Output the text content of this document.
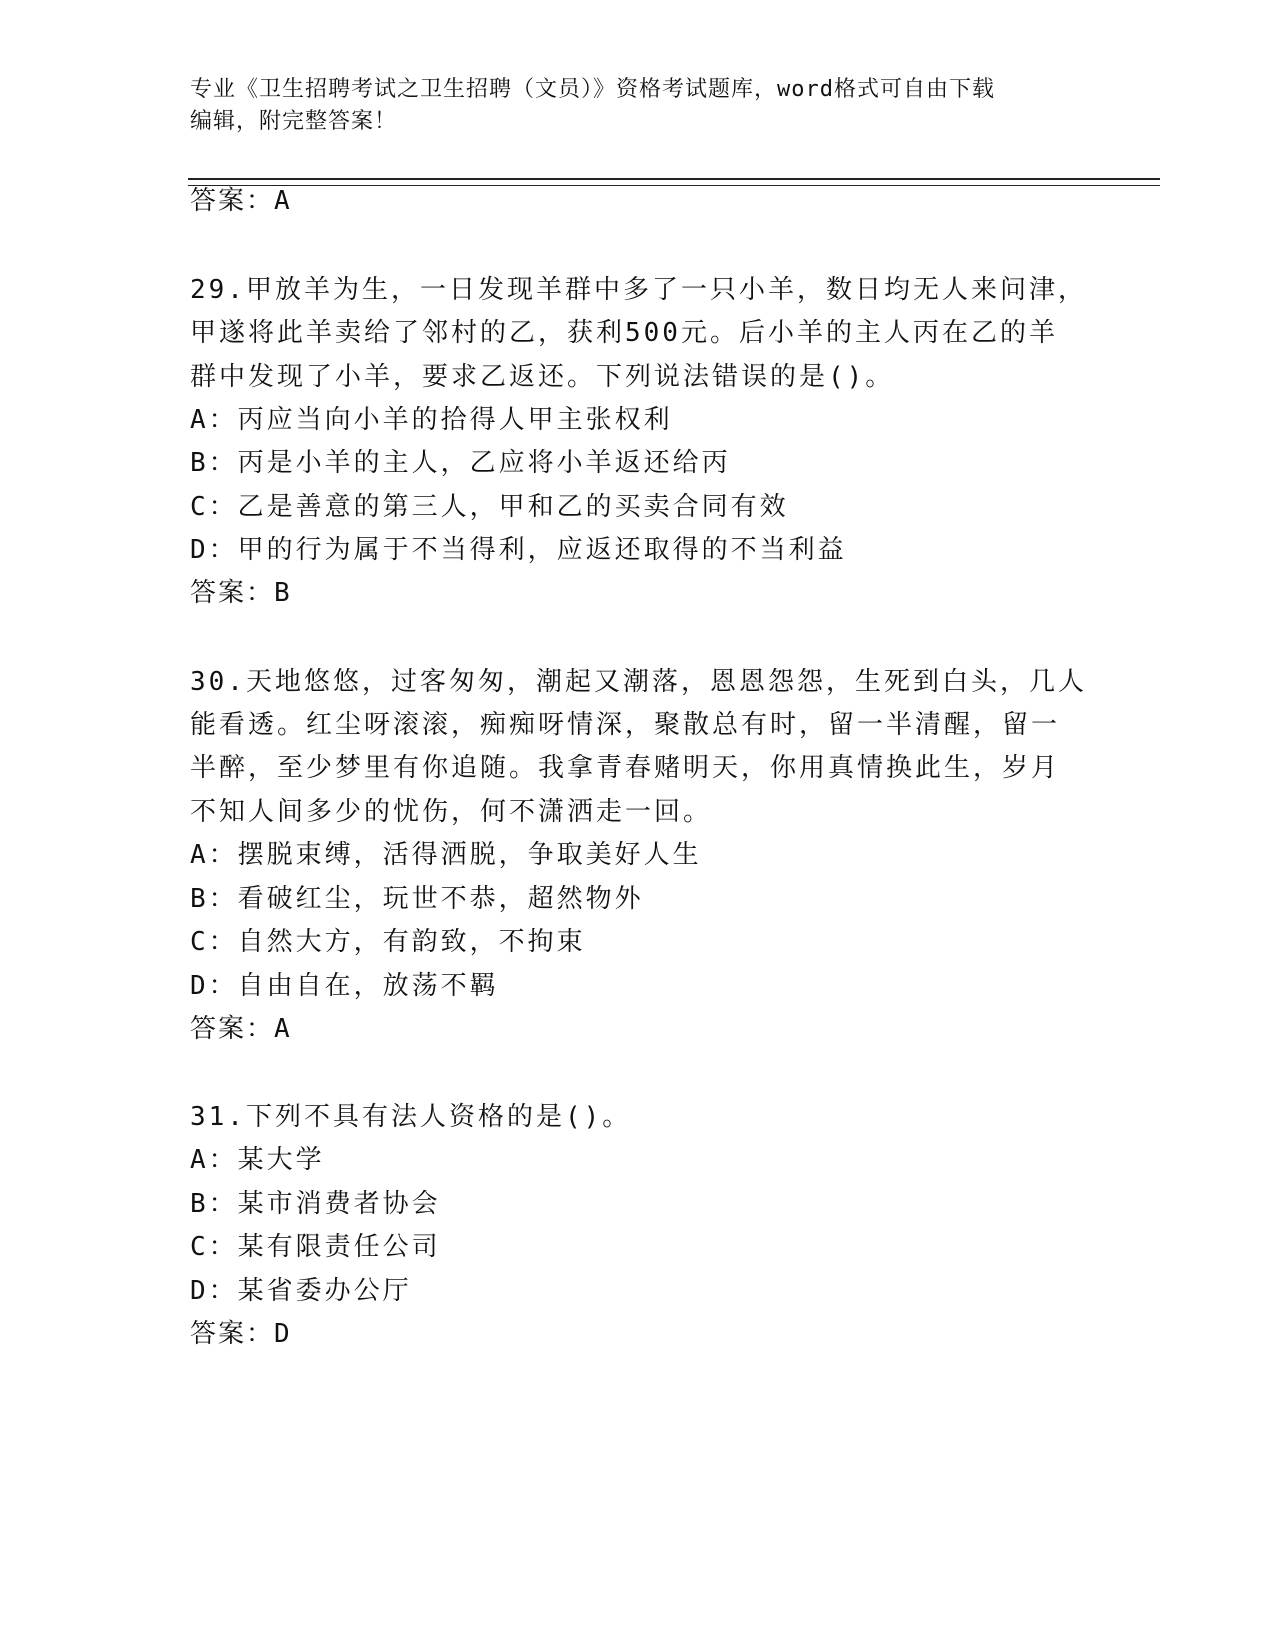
专业《卫生招聘考试之卫生招聘（文员）》资格考试题库，word格式可自由下载
编辑，附完整答案！
答案：A
29.甲放羊为生，一日发现羊群中多了一只小羊，数日均无人来问津，
甲遂将此羊卖给了邻村的乙，获利500元。后小羊的主人丙在乙的羊
群中发现了小羊，要求乙返还。下列说法错误的是()。
A：丙应当向小羊的拾得人甲主张权利
B：丙是小羊的主人，乙应将小羊返还给丙
C：乙是善意的第三人，甲和乙的买卖合同有效
D：甲的行为属于不当得利，应返还取得的不当利益
答案：B
30.天地悠悠，过客匆匆，潮起又潮落，恩恩怨怨，生死到白头，几人
能看透。红尘呀滚滚，痴痴呀情深，聚散总有时，留一半清醒，留一
半醉，至少梦里有你追随。我拿青春赌明天，你用真情换此生，岁月
不知人间多少的忧伤，何不潇洒走一回。
A：摆脱束缚，活得洒脱，争取美好人生
B：看破红尘，玩世不恭，超然物外
C：自然大方，有韵致，不拘束
D：自由自在，放荡不羁
答案：A
31.下列不具有法人资格的是()。
A：某大学
B：某市消费者协会
C：某有限责任公司
D：某省委办公厅
答案：D
